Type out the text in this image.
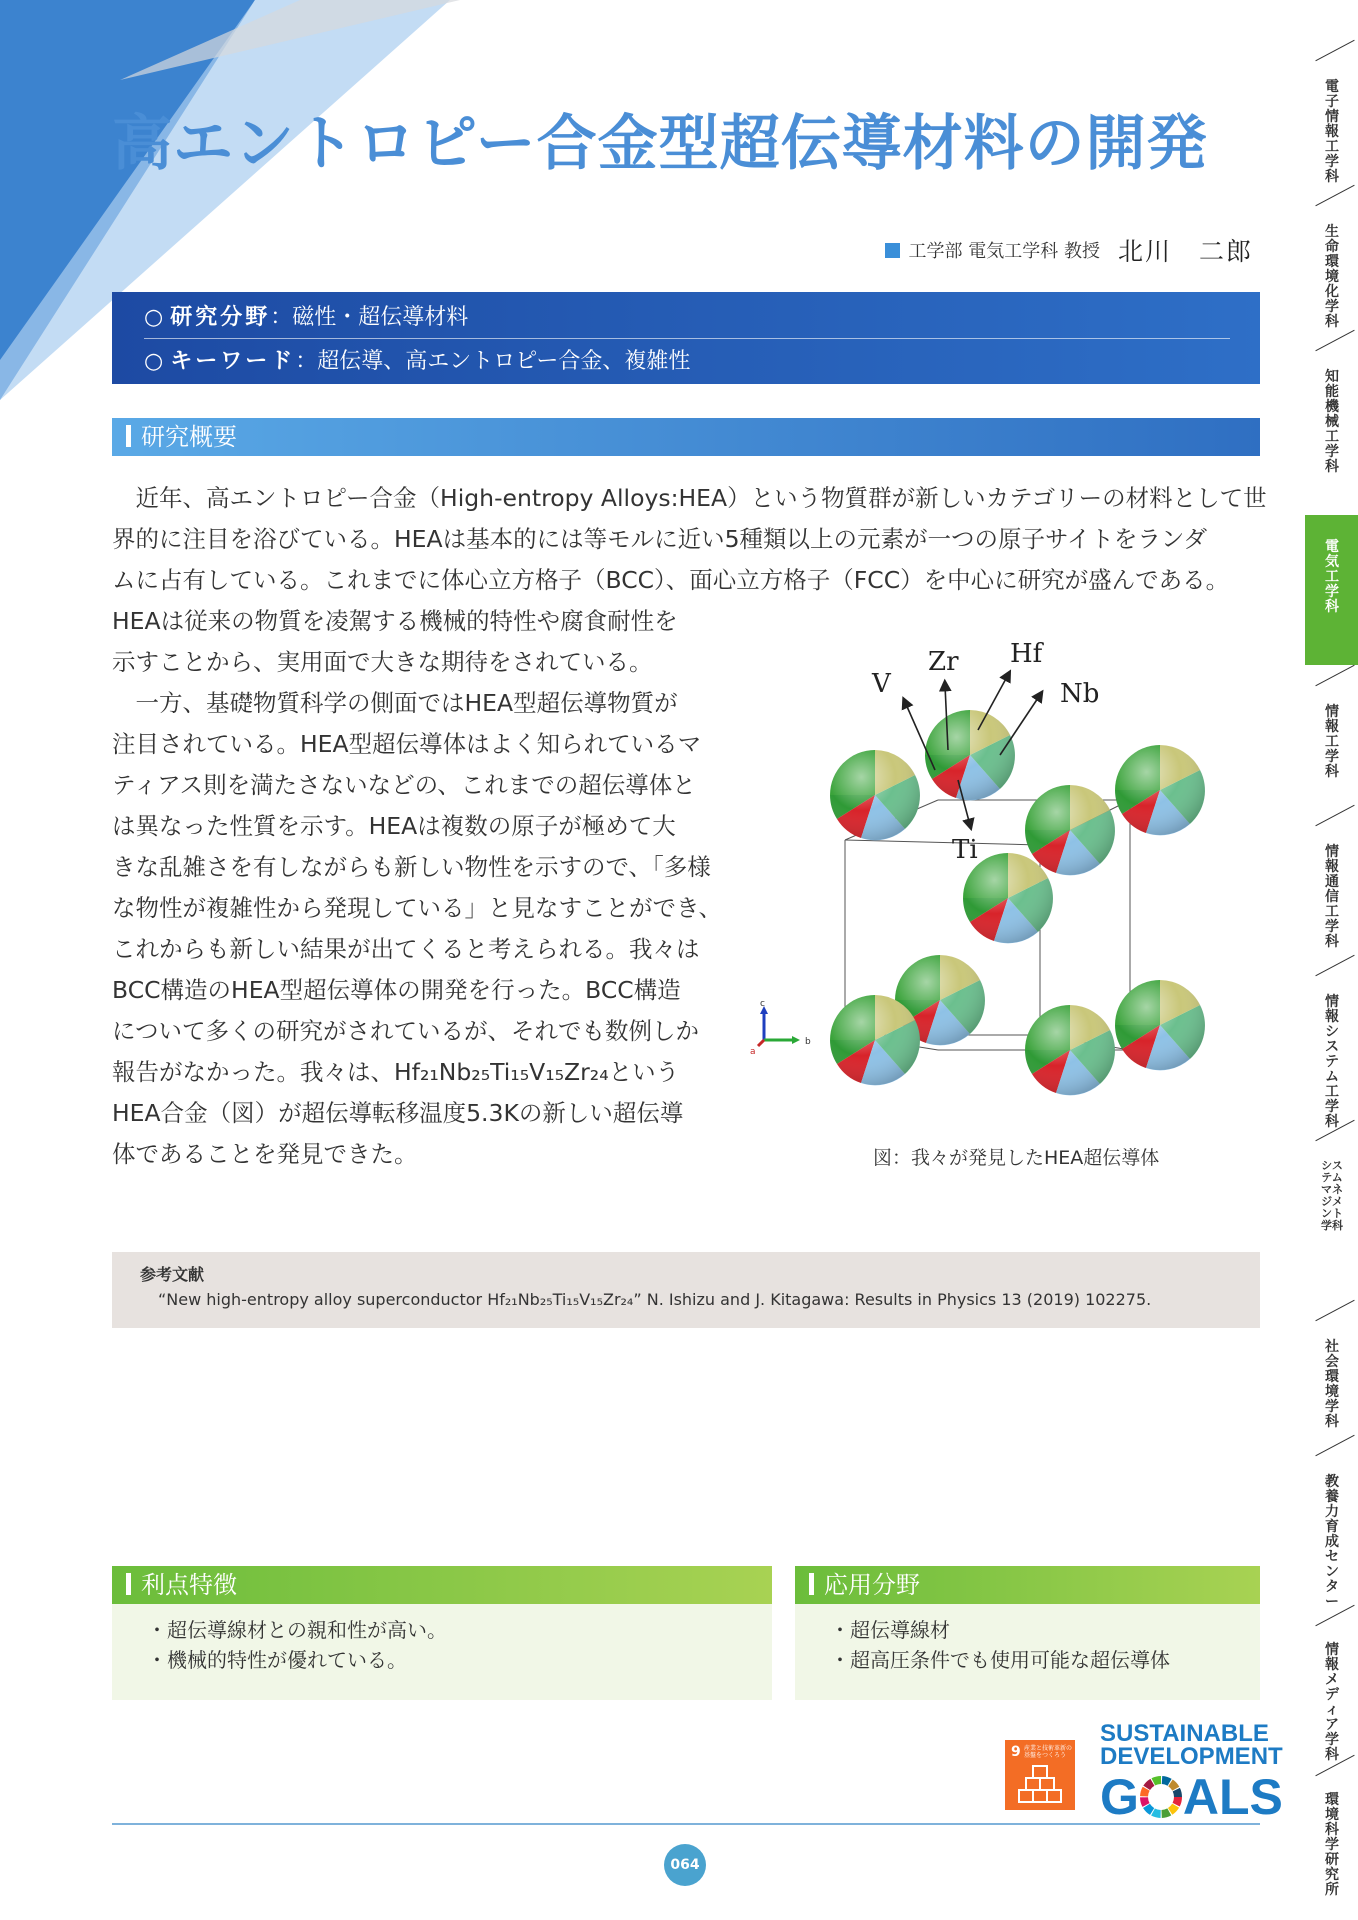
高エントロピー合金型超伝導材料の開発
工学部 電気工学科 教授 北川　二郎
○ 研究分野：磁性・超伝導材料
○ キーワード：超伝導、高エントロピー合金、複雑性
研究概要
　近年、高エントロピー合金（High-entropy Alloys:HEA）という物質群が新しいカテゴリーの材料として世
界的に注目を浴びている。HEAは基本的には等モルに近い5種類以上の元素が一つの原子サイトをランダ
ムに占有している。これまでに体心立方格子（BCC）、面心立方格子（FCC）を中心に研究が盛んである。
HEAは従来の物質を凌駕する機械的特性や腐食耐性を
示すことから、実用面で大きな期待をされている。
　一方、基礎物質科学の側面ではHEA型超伝導物質が
注目されている。HEA型超伝導体はよく知られているマ
ティアス則を満たさないなどの、これまでの超伝導体と
は異なった性質を示す。HEAは複数の原子が極めて大
きな乱雑さを有しながらも新しい物性を示すので、「多様
な物性が複雑性から発現している」と見なすことができ、
これからも新しい結果が出てくると考えられる。我々は
BCC構造のHEA型超伝導体の開発を行った。BCC構造
について多くの研究がされているが、それでも数例しか
報告がなかった。我々は、Hf₂₁Nb₂₅Ti₁₅V₁₅Zr₂₄という
HEA合金（図）が超伝導転移温度5.3Kの新しい超伝導
体であることを発見できた。
V
Zr Hf
Nb
Ti
c
b
a
図：我々が発見したHEA超伝導体
参考文献
“New high-entropy alloy superconductor Hf₂₁Nb₂₅Ti₁₅V₁₅Zr₂₄” N. Ishizu and J. Kitagawa: Results in Physics 13 (2019) 102275.
利点特徴
・超伝導線材との親和性が高い。
・機械的特性が優れている。
応用分野
・超伝導線材
・超高圧条件でも使用可能な超伝導体
9 産業と技術革新の基盤をつくろう
SUSTAINABLE
DEVELOPMENT
G ALS
064
電子情報工学科
生命環境化学科
知能機械工学科
電気工学科
情報工学科
情報通信工学科
情報システム工学科
システムマネジメント学科
社会環境学科
教養力育成センター
情報メディア学科
環境科学研究所
